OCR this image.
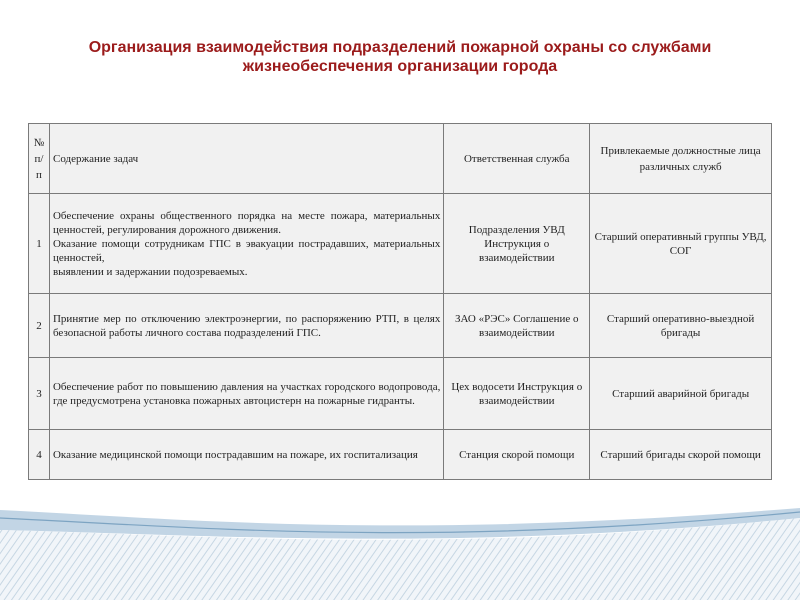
Организация взаимодействия подразделений пожарной охраны со службами жизнеобеспечения организации города
№ п/п	Содержание задач	Ответственная служба	Привлекаемые должностные лица различных служб
1	Обеспечение охраны общественного порядка на месте пожара, материальных ценностей, регулирования дорожного движения.

Оказание помощи сотрудникам ГПС в эвакуации пострадавших, материальных ценностей,

выявлении и задержании подозреваемых.	Подразделения УВД Инструкция о взаимодействии	Старший оперативный группы УВД, СОГ
2	Принятие мер по отключению электроэнергии, по распоряжению РТП, в целях безопасной работы личного состава подразделений ГПС.	ЗАО «РЭС» Соглашение о взаимодействии	Старший оперативно-выездной бригады
3	Обеспечение работ по повышению давления на участках городского водопровода, где предусмотрена установка пожарных автоцистерн на пожарные гидранты.	Цех водосети Инструкция о взаимодействии	Старший аварийной бригады
4	Оказание медицинской помощи пострадавшим на пожаре, их госпитализация	Станция скорой помощи	Старший бригады скорой помощи
